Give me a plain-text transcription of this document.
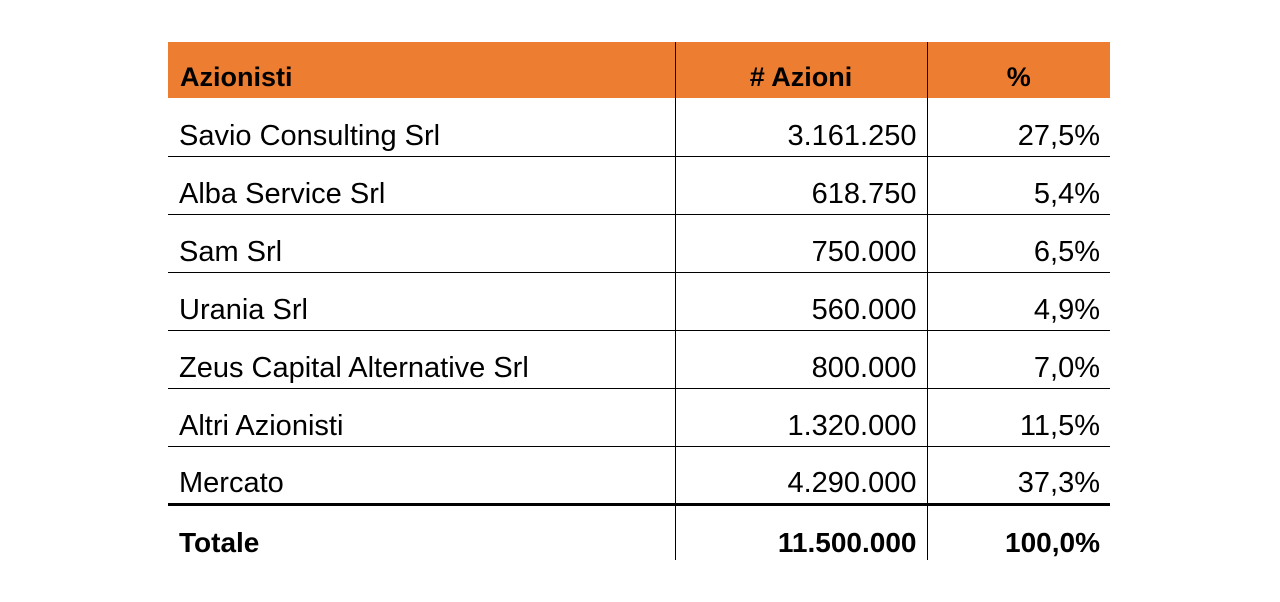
Azionisti	# Azioni	%
Savio Consulting Srl	3.161.250	27,5%
Alba Service Srl	618.750	5,4%
Sam Srl	750.000	6,5%
Urania Srl	560.000	4,9%
Zeus Capital Alternative Srl	800.000	7,0%
Altri Azionisti	1.320.000	11,5%
Mercato	4.290.000	37,3%
Totale	11.500.000	100,0%
